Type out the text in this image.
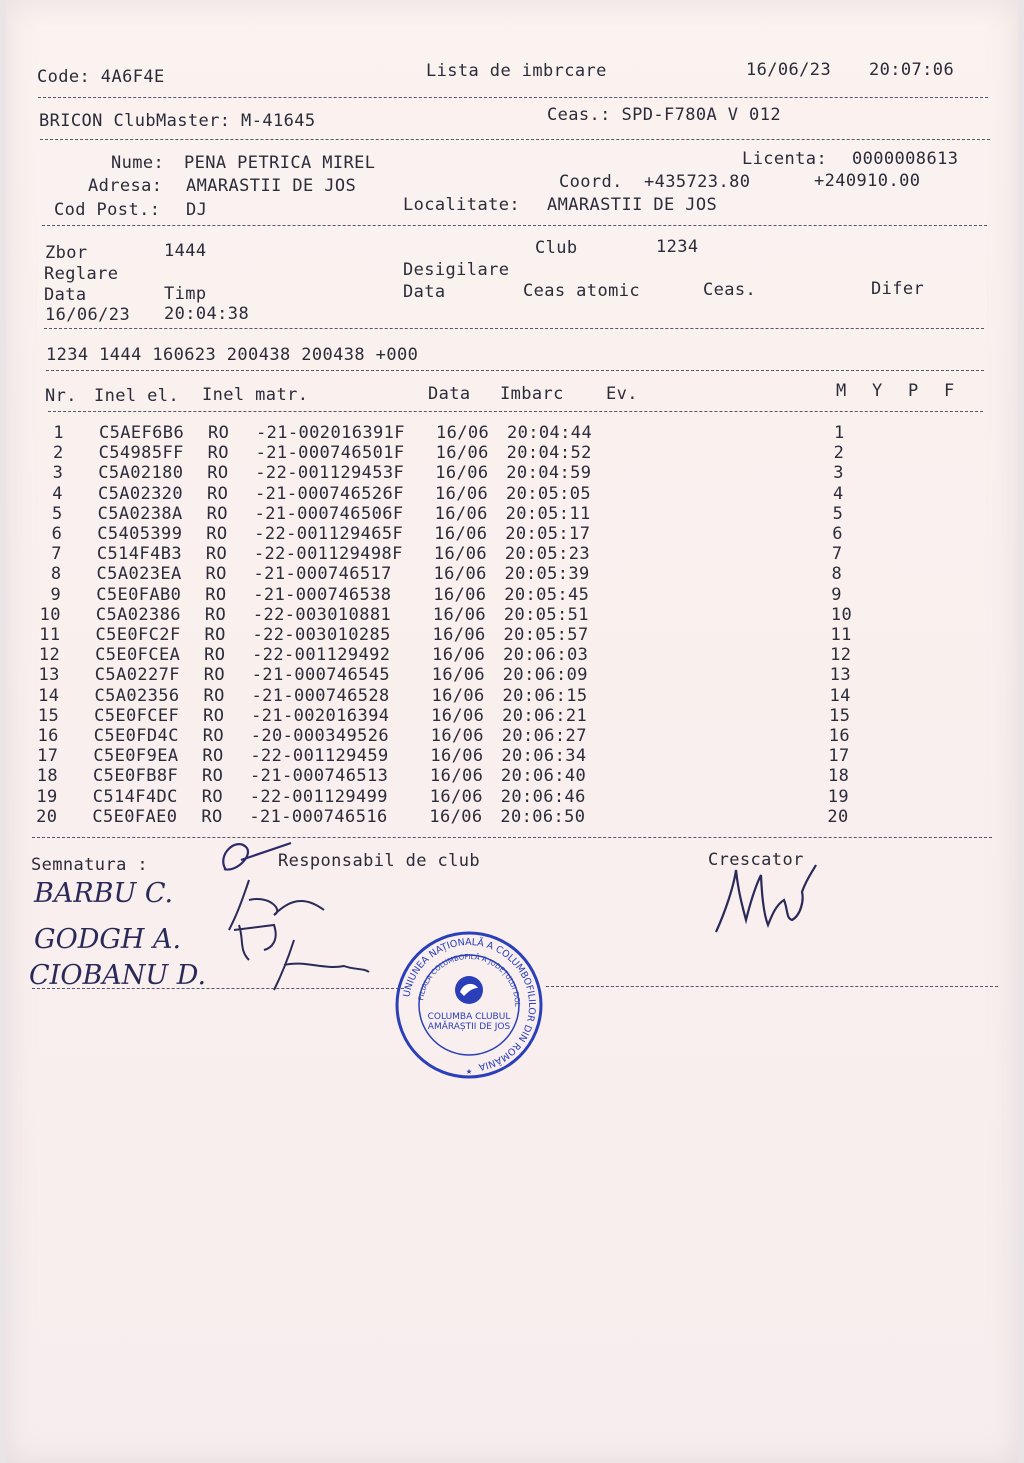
Code: 4A6F4E	Lista de imbrcare	16/06/23 20:07:06
BRICON ClubMaster: M-41645	Ceas.: SPD-F780A V 012
Nume: PENA PETRICA MIREL	Licenta: 0000008613
Adresa: AMARASTII DE JOS	Coord. +435723.80	+240910.00
Cod Post.: DJ	Localitate: AMARASTII DE JOS
Zbor	1444	Club	1234
Reglare	Desigilare
Data	Timp	Data	Ceas atomic	Ceas.	Difer
16/06/23 20:04:38
1234 1444 160623 200438 200438 +000
Nr. Inel el. Inel matr.	Data Imbarc Ev.	M Y P F
1 C5AEF6B6 RO -21-002016391F 16/06 20:04:44	1
2 C54985FF RO -21-000746501F 16/06 20:04:52	2
3 C5A02180 RO -22-001129453F 16/06 20:04:59	3
4 C5A02320 RO -21-000746526F 16/06 20:05:05	4
5 C5A0238A RO -21-000746506F 16/06 20:05:11	5
6 C5405399 RO -22-001129465F 16/06 20:05:17	6
7 C514F4B3 RO -22-001129498F 16/06 20:05:23	7
8 C5A023EA RO -21-000746517 16/06 20:05:39	8
9 C5E0FAB0 RO -21-000746538 16/06 20:05:45	9
10 C5A02386 RO -22-003010881 16/06 20:05:51	10
11 C5E0FC2F RO -22-003010285 16/06 20:05:57	11
12 C5E0FCEA RO -22-001129492 16/06 20:06:03	12
13 C5A0227F RO -21-000746545 16/06 20:06:09	13
14 C5A02356 RO -21-000746528 16/06 20:06:15	14
15 C5E0FCEF RO -21-002016394 16/06 20:06:21	15
16 C5E0FD4C RO -20-000349526 16/06 20:06:27	16
17 C5E0F9EA RO -22-001129459 16/06 20:06:34	17
18 C5E0FB8F RO -21-000746513 16/06 20:06:40	18
19 C514F4DC RO -22-001129499 16/06 20:06:46	19
20 C5E0FAE0 RO -21-000746516 16/06 20:06:50	20
Semnatura :	Responsabil de club	Crescator
BARBU C.
GODGH A.
CIOBANU D.
UNIUNEA NAȚIONALĂ A COLUMBOFILILOR DIN ROMÂNIA
FILIALA COLUMBOFILĂ A JUDEȚULUI DOL
COLUMBA CLUBUL AMĂRAȘTII DE JOS
★
